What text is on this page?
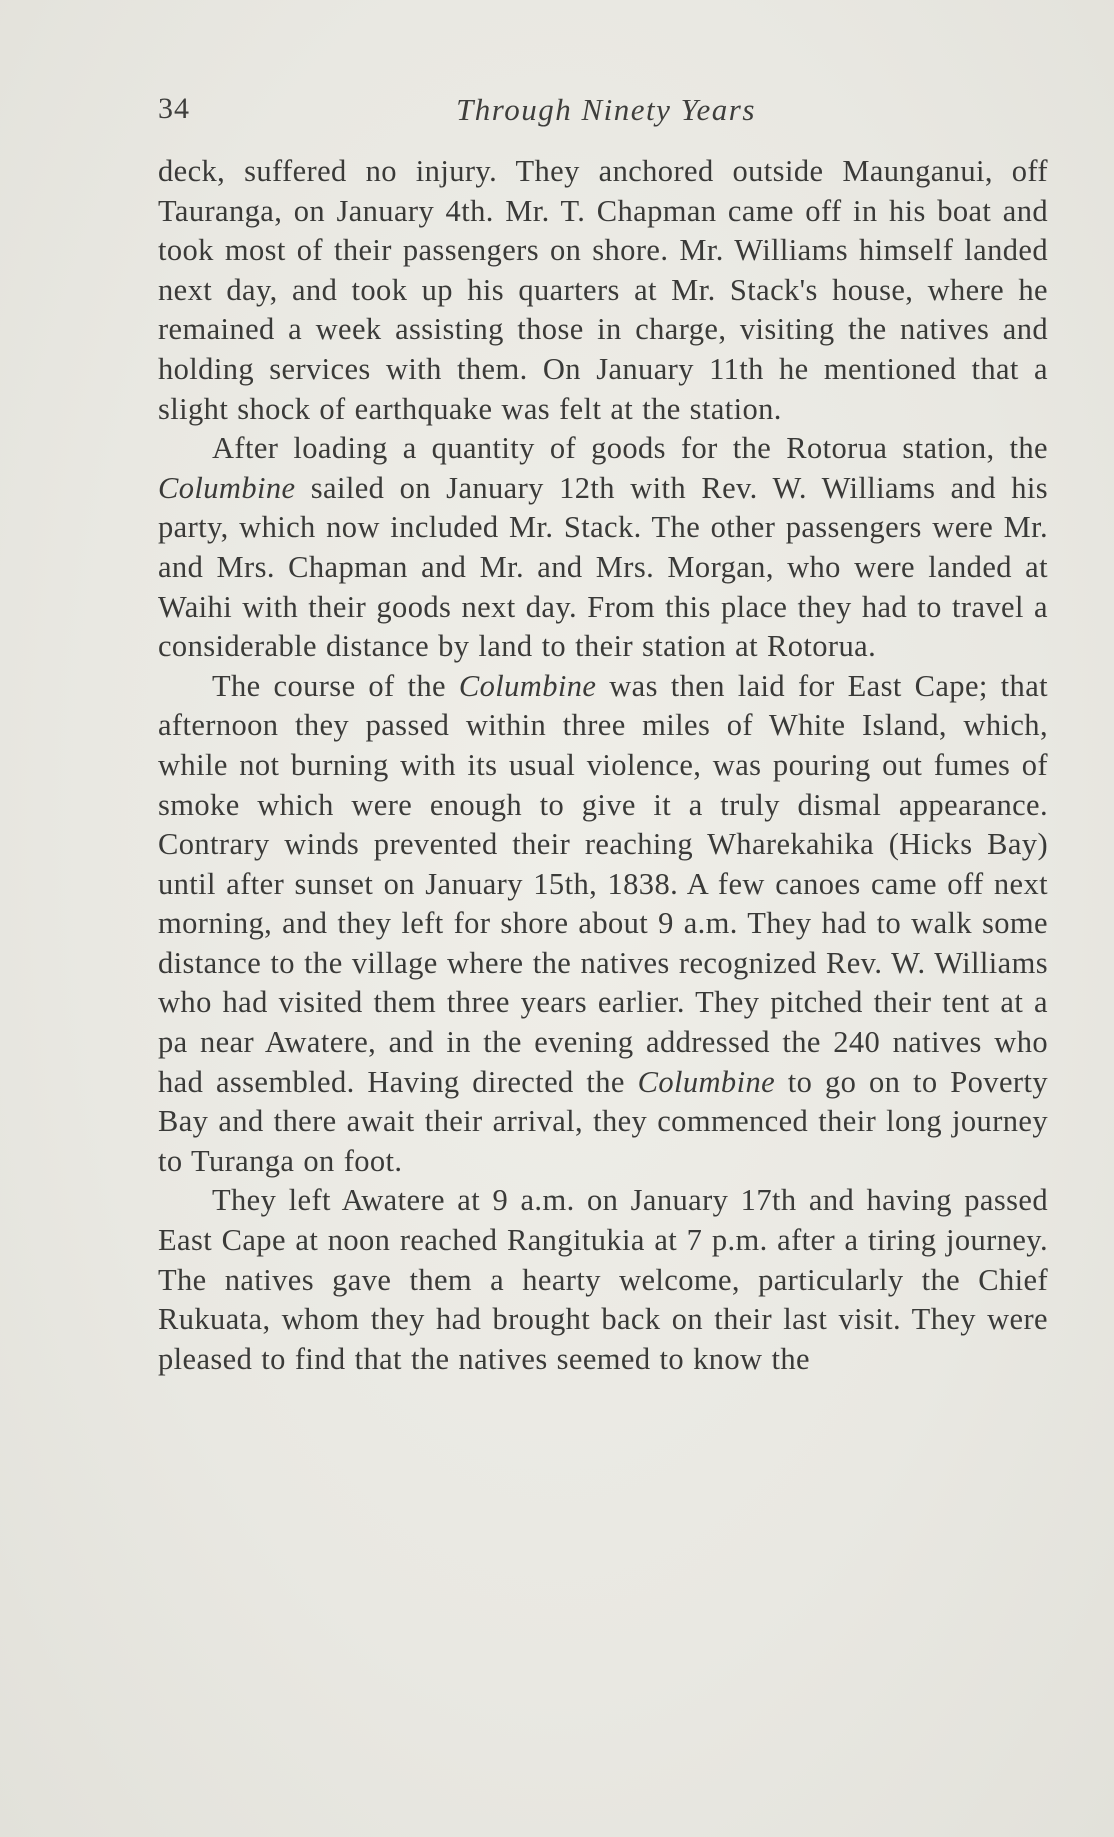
34	Through Ninety Years

deck, suffered no injury. They anchored outside Maunganui, off Tauranga, on January 4th. Mr. T. Chapman came off in his boat and took most of their passengers on shore. Mr. Williams himself landed next day, and took up his quarters at Mr. Stack's house, where he remained a week assisting those in charge, visiting the natives and holding services with them. On January 11th he mentioned that a slight shock of earthquake was felt at the station.

After loading a quantity of goods for the Rotorua station, the Columbine sailed on January 12th with Rev. W. Williams and his party, which now included Mr. Stack. The other passengers were Mr. and Mrs. Chapman and Mr. and Mrs. Morgan, who were landed at Waihi with their goods next day. From this place they had to travel a considerable distance by land to their station at Rotorua.

The course of the Columbine was then laid for East Cape; that afternoon they passed within three miles of White Island, which, while not burning with its usual violence, was pouring out fumes of smoke which were enough to give it a truly dismal appearance. Contrary winds prevented their reaching Wharekahika (Hicks Bay) until after sunset on January 15th, 1838. A few canoes came off next morning, and they left for shore about 9 a.m. They had to walk some distance to the village where the natives recognized Rev. W. Williams who had visited them three years earlier. They pitched their tent at a pa near Awatere, and in the evening addressed the 240 natives who had assembled. Having directed the Columbine to go on to Poverty Bay and there await their arrival, they commenced their long journey to Turanga on foot.

They left Awatere at 9 a.m. on January 17th and having passed East Cape at noon reached Rangitukia at 7 p.m. after a tiring journey. The natives gave them a hearty welcome, particularly the Chief Rukuata, whom they had brought back on their last visit. They were pleased to find that the natives seemed to know the
